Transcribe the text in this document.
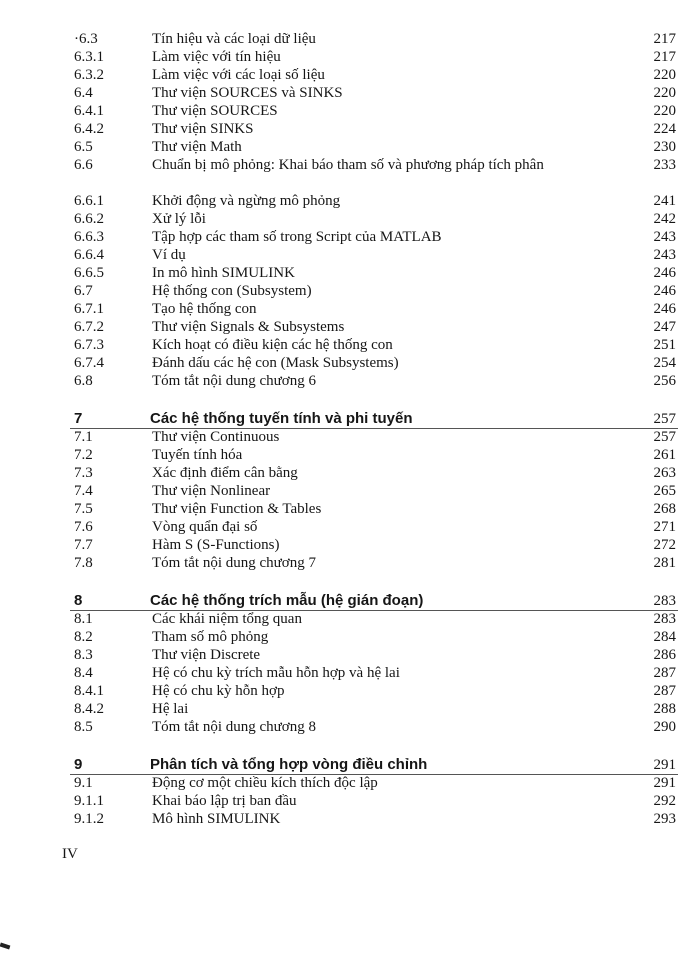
·6.3	Tín hiệu và các loại dữ liệu	217
6.3.1	Làm việc với tín hiệu	217
6.3.2	Làm việc với các loại số liệu	220
6.4	Thư viện SOURCES và SINKS	220
6.4.1	Thư viện SOURCES	220
6.4.2	Thư viện SINKS	224
6.5	Thư viện Math	230
6.6	Chuẩn bị mô phỏng: Khai báo tham số và phương pháp tích phân	233
6.6.1	Khởi động và ngừng mô phỏng	241
6.6.2	Xử lý lỗi	242
6.6.3	Tập hợp các tham số trong Script của MATLAB	243
6.6.4	Ví dụ	243
6.6.5	In mô hình SIMULINK	246
6.7	Hệ thống con (Subsystem)	246
6.7.1	Tạo hệ thống con	246
6.7.2	Thư viện Signals & Subsystems	247
6.7.3	Kích hoạt có điều kiện các hệ thống con	251
6.7.4	Đánh dấu các hệ con (Mask Subsystems)	254
6.8	Tóm tắt nội dung chương 6	256
7	Các hệ thống tuyến tính và phi tuyến	257
7.1	Thư viện Continuous	257
7.2	Tuyến tính hóa	261
7.3	Xác định điểm cân bằng	263
7.4	Thư viện Nonlinear	265
7.5	Thư viện Function & Tables	268
7.6	Vòng quẩn đại số	271
7.7	Hàm S (S-Functions)	272
7.8	Tóm tắt nội dung chương 7	281
8	Các hệ thống trích mẫu (hệ gián đoạn)	283
8.1	Các khái niệm tổng quan	283
8.2	Tham số mô phỏng	284
8.3	Thư viện Discrete	286
8.4	Hệ có chu kỳ trích mẫu hỗn hợp và hệ lai	287
8.4.1	Hệ có chu kỳ hỗn hợp	287
8.4.2	Hệ lai	288
8.5	Tóm tắt nội dung chương 8	290
9	Phân tích và tổng hợp vòng điều chỉnh	291
9.1	Động cơ một chiều kích thích độc lập	291
9.1.1	Khai báo lập trị ban đầu	292
9.1.2	Mô hình SIMULINK	293
IV
